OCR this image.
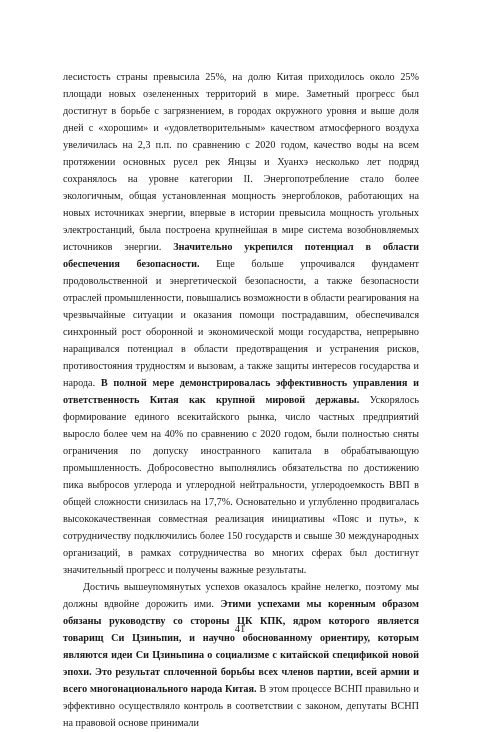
лесистость страны превысила 25%, на долю Китая приходилось около 25% площади новых озелененных территорий в мире. Заметный прогресс был достигнут в борьбе с загрязнением, в городах окружного уровня и выше доля дней с «хорошим» и «удовлетворительным» качеством атмосферного воздуха увеличилась на 2,3 п.п. по сравнению с 2020 годом, качество воды на всем протяжении основных русел рек Янцзы и Хуанхэ несколько лет подряд сохранялось на уровне категории II. Энергопотребление стало более экологичным, общая установленная мощность энергоблоков, работающих на новых источниках энергии, впервые в истории превысила мощность угольных электростанций, была построена крупнейшая в мире система возобновляемых источников энергии. Значительно укрепился потенциал в области обеспечения безопасности. Еще больше упрочивался фундамент продовольственной и энергетической безопасности, а также безопасности отраслей промышленности, повышались возможности в области реагирования на чрезвычайные ситуации и оказания помощи пострадавшим, обеспечивался синхронный рост оборонной и экономической мощи государства, непрерывно наращивался потенциал в области предотвращения и устранения рисков, противостояния трудностям и вызовам, а также защиты интересов государства и народа. В полной мере демонстрировалась эффективность управления и ответственность Китая как крупной мировой державы. Ускорялось формирование единого всекитайского рынка, число частных предприятий выросло более чем на 40% по сравнению с 2020 годом, были полностью сняты ограничения по допуску иностранного капитала в обрабатывающую промышленность. Добросовестно выполнялись обязательства по достижению пика выбросов углерода и углеродной нейтральности, углеродоемкость ВВП в общей сложности снизилась на 17,7%. Основательно и углубленно продвигалась высококачественная совместная реализация инициативы «Пояс и путь», к сотрудничеству подключились более 150 государств и свыше 30 международных организаций, в рамках сотрудничества во многих сферах был достигнут значительный прогресс и получены важные результаты.

Достичь вышеупомянутых успехов оказалось крайне нелегко, поэтому мы должны вдвойне дорожить ими. Этими успехами мы коренным образом обязаны руководству со стороны ЦК КПК, ядром которого является товарищ Си Цзиньпин, и научно обоснованному ориентиру, которым являются идеи Си Цзиньпина о социализме с китайской спецификой новой эпохи. Это результат сплоченной борьбы всех членов партии, всей армии и всего многонационального народа Китая. В этом процессе ВСНП правильно и эффективно осуществляло контроль в соответствии с законом, депутаты ВСНП на правовой основе принимали

41
